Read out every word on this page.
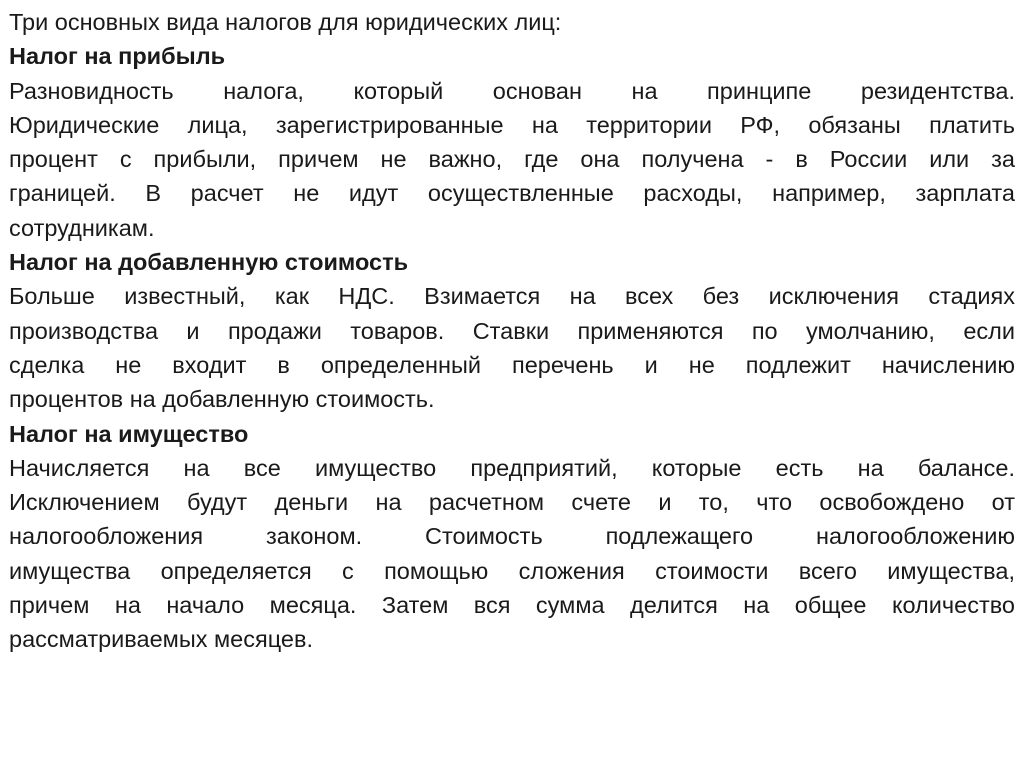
Три основных вида налогов для юридических лиц:
Налог на прибыль
Разновидность налога, который основан на принципе резидентства.
Юридические лица, зарегистрированные на территории РФ, обязаны платить
процент с прибыли, причем не важно, где она получена - в России или за
границей. В расчет не идут осуществленные расходы, например, зарплата
сотрудникам.
Налог на добавленную стоимость
Больше известный, как НДС. Взимается на всех без исключения стадиях
производства и продажи товаров. Ставки применяются по умолчанию, если
сделка не входит в определенный перечень и не подлежит начислению
процентов на добавленную стоимость.
Налог на имущество
Начисляется на все имущество предприятий, которые есть на балансе.
Исключением будут деньги на расчетном счете и то, что освобождено от
налогообложения законом. Стоимость подлежащего налогообложению
имущества определяется с помощью сложения стоимости всего имущества,
причем на начало месяца. Затем вся сумма делится на общее количество
рассматриваемых месяцев.
